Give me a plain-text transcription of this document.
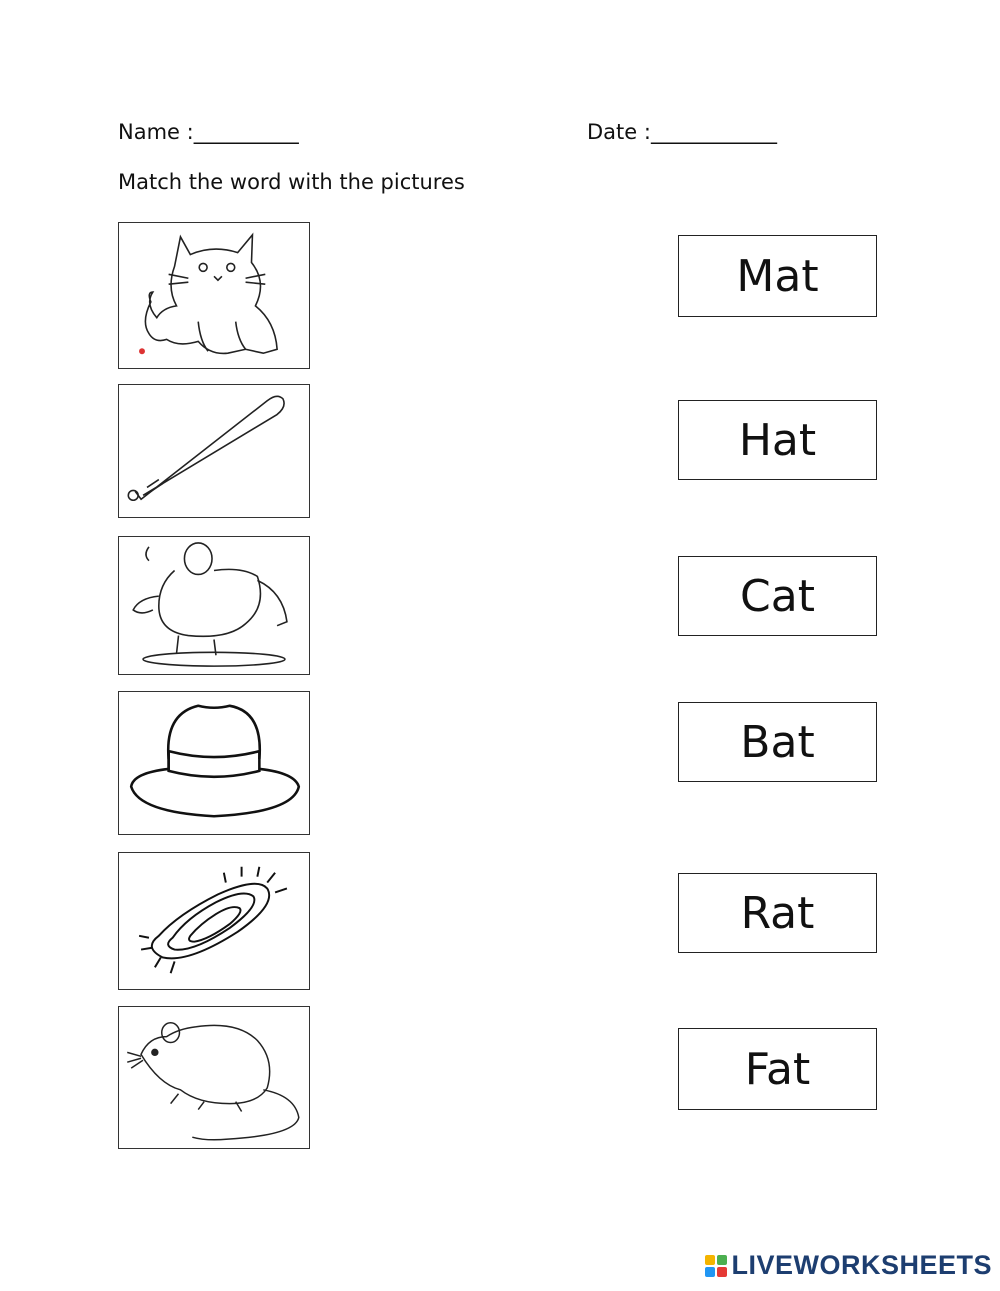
Name :__________	Date :____________
Match the word with the pictures
Mat
Hat
Cat
Bat
Rat
Fat
LIVEWORKSHEETS
